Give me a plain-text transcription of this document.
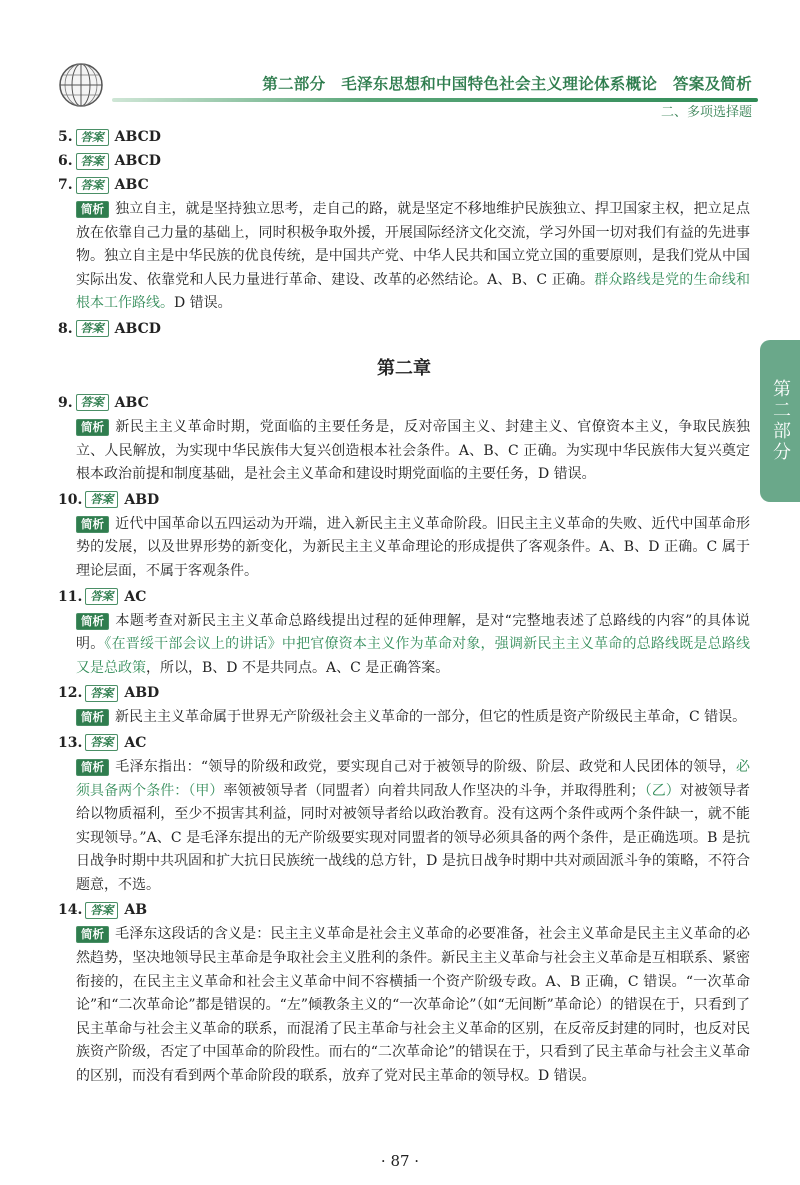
第二部分　毛泽东思想和中国特色社会主义理论体系概论　答案及简析
二、多项选择题
第二部分
5. 答案 ABCD
6. 答案 ABCD
7. 答案 ABC
简析 独立自主，就是坚持独立思考，走自己的路，就是坚定不移地维护民族独立、捍卫国家主权，把立足点放在依靠自己力量的基础上，同时积极争取外援，开展国际经济文化交流，学习外国一切对我们有益的先进事物。独立自主是中华民族的优良传统，是中国共产党、中华人民共和国立党立国的重要原则，是我们党从中国实际出发、依靠党和人民力量进行革命、建设、改革的必然结论。A、B、C 正确。群众路线是党的生命线和根本工作路线。D 错误。
8. 答案 ABCD
第二章
9. 答案 ABC
简析 新民主主义革命时期，党面临的主要任务是，反对帝国主义、封建主义、官僚资本主义，争取民族独立、人民解放，为实现中华民族伟大复兴创造根本社会条件。A、B、C 正确。为实现中华民族伟大复兴奠定根本政治前提和制度基础，是社会主义革命和建设时期党面临的主要任务，D 错误。
10. 答案 ABD
简析 近代中国革命以五四运动为开端，进入新民主主义革命阶段。旧民主主义革命的失败、近代中国革命形势的发展，以及世界形势的新变化，为新民主主义革命理论的形成提供了客观条件。A、B、D 正确。C 属于理论层面，不属于客观条件。
11. 答案 AC
简析 本题考查对新民主主义革命总路线提出过程的延伸理解，是对“完整地表述了总路线的内容”的具体说明。《在晋绥干部会议上的讲话》中把官僚资本主义作为革命对象，强调新民主主义革命的总路线既是总路线又是总政策，所以，B、D 不是共同点。A、C 是正确答案。
12. 答案 ABD
简析 新民主主义革命属于世界无产阶级社会主义革命的一部分，但它的性质是资产阶级民主革命，C 错误。
13. 答案 AC
简析 毛泽东指出：“领导的阶级和政党，要实现自己对于被领导的阶级、阶层、政党和人民团体的领导，必须具备两个条件：（甲）率领被领导者（同盟者）向着共同敌人作坚决的斗争，并取得胜利；（乙）对被领导者给以物质福利，至少不损害其利益，同时对被领导者给以政治教育。没有这两个条件或两个条件缺一，就不能实现领导。”A、C 是毛泽东提出的无产阶级要实现对同盟者的领导必须具备的两个条件，是正确选项。B 是抗日战争时期中共巩固和扩大抗日民族统一战线的总方针，D 是抗日战争时期中共对顽固派斗争的策略，不符合题意，不选。
14. 答案 AB
简析 毛泽东这段话的含义是：民主主义革命是社会主义革命的必要准备，社会主义革命是民主主义革命的必然趋势，坚决地领导民主革命是争取社会主义胜利的条件。新民主主义革命与社会主义革命是互相联系、紧密衔接的，在民主主义革命和社会主义革命中间不容横插一个资产阶级专政。A、B 正确，C 错误。“一次革命论”和“二次革命论”都是错误的。“左”倾教条主义的“一次革命论”（如“无间断”革命论）的错误在于，只看到了民主革命与社会主义革命的联系，而混淆了民主革命与社会主义革命的区别，在反帝反封建的同时，也反对民族资产阶级，否定了中国革命的阶段性。而右的“二次革命论”的错误在于，只看到了民主革命与社会主义革命的区别，而没有看到两个革命阶段的联系，放弃了党对民主革命的领导权。D 错误。
· 87 ·
